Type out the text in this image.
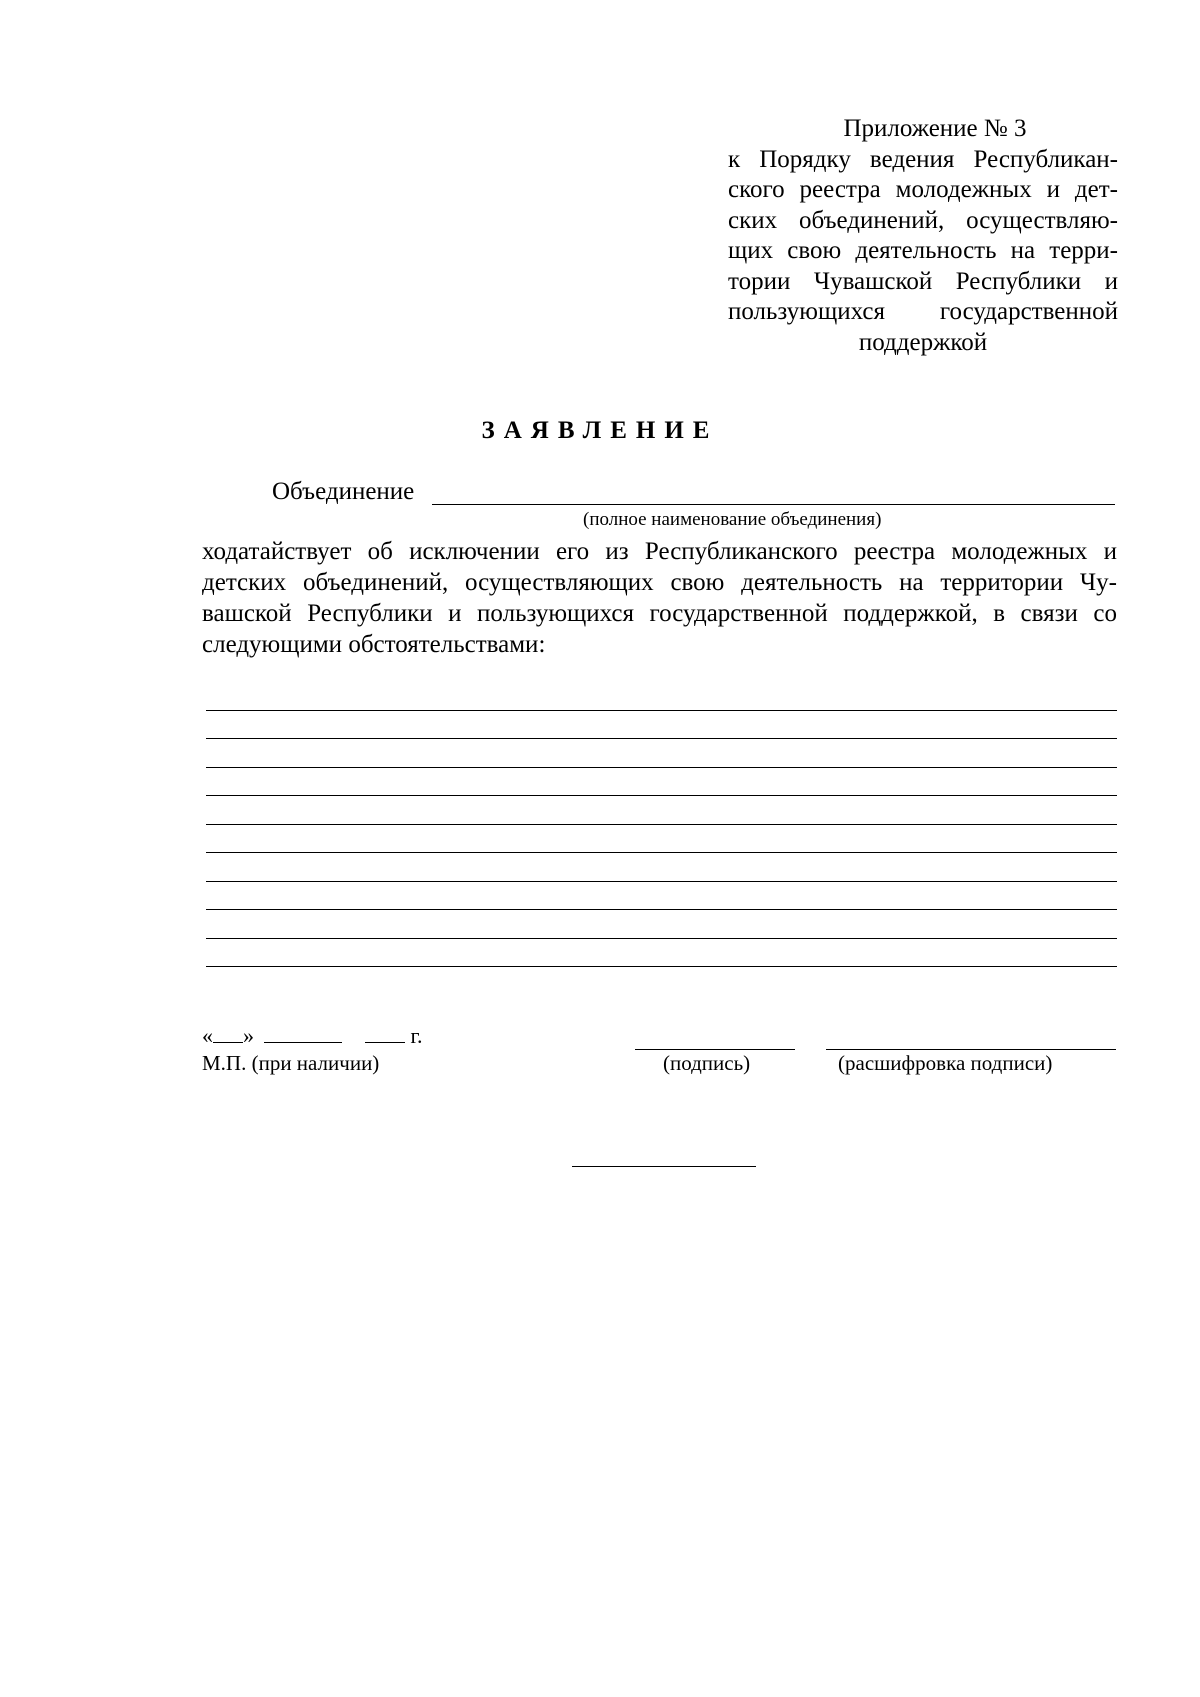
Приложение № 3
к Порядку ведения Республикан-
ского реестра молодежных и дет-
ских объединений, осуществляю-
щих свою деятельность на терри-
тории Чувашской Республики и
пользующихся государственной
поддержкой
ЗАЯВЛЕНИЕ
Объединение
(полное наименование объединения)
ходатайствует об исключении его из Республиканского реестра молодежных и
детских объединений, осуществляющих свою деятельность на территории Чу-
вашской Республики и пользующихся государственной поддержкой, в связи со
следующими обстоятельствами:
« »	г.
М.П. (при наличии)	(подпись)	(расшифровка подписи)
